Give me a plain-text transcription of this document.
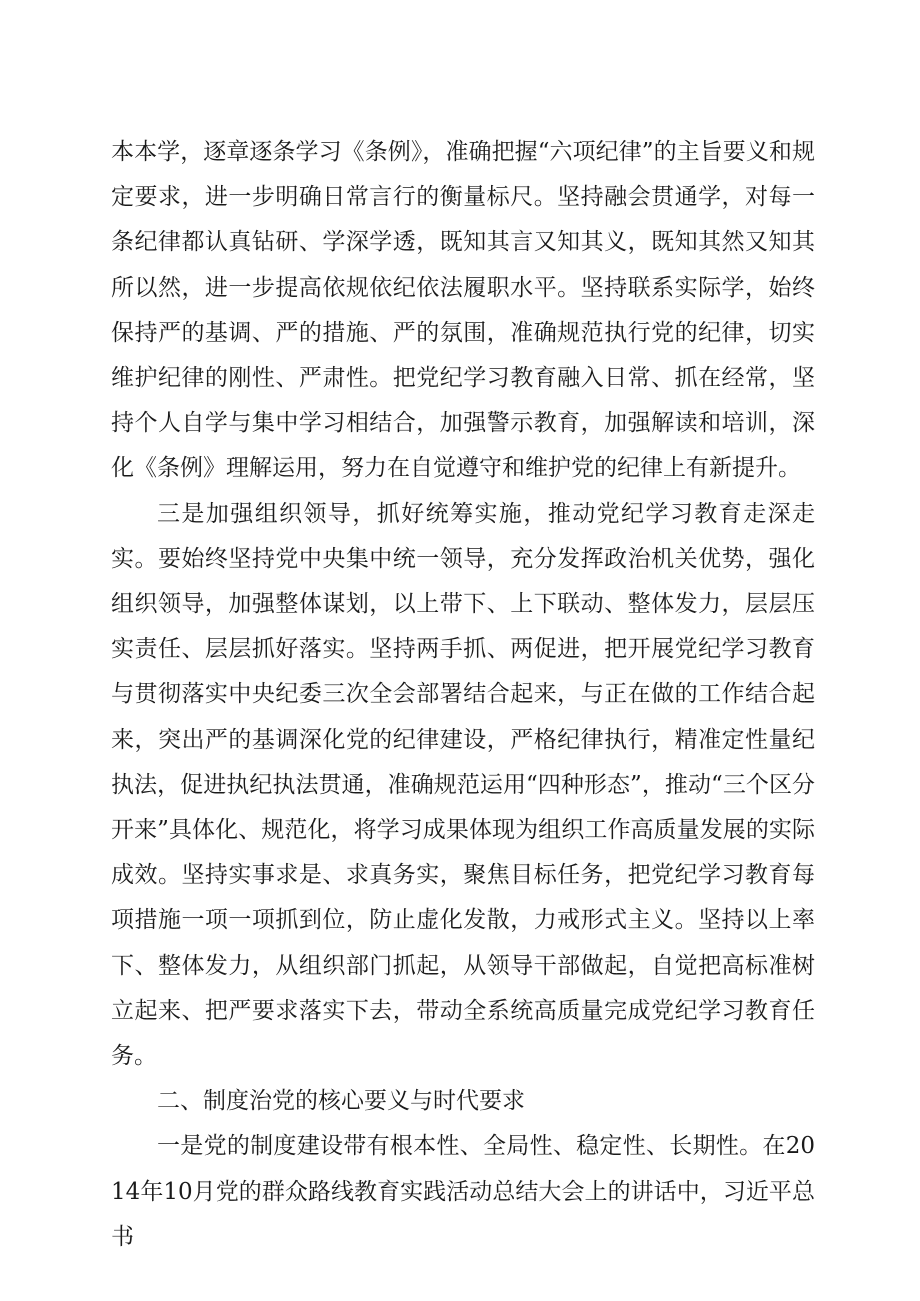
本本学，逐章逐条学习《条例》，准确把握“六项纪律”的主旨要义和规定要求，进一步明确日常言行的衡量标尺。坚持融会贯通学，对每一条纪律都认真钻研、学深学透，既知其言又知其义，既知其然又知其所以然，进一步提高依规依纪依法履职水平。坚持联系实际学，始终保持严的基调、严的措施、严的氛围，准确规范执行党的纪律，切实维护纪律的刚性、严肃性。把党纪学习教育融入日常、抓在经常，坚持个人自学与集中学习相结合，加强警示教育，加强解读和培训，深化《条例》理解运用，努力在自觉遵守和维护党的纪律上有新提升。

三是加强组织领导，抓好统筹实施，推动党纪学习教育走深走实。要始终坚持党中央集中统一领导，充分发挥政治机关优势，强化组织领导，加强整体谋划，以上带下、上下联动、整体发力，层层压实责任、层层抓好落实。坚持两手抓、两促进，把开展党纪学习教育与贯彻落实中央纪委三次全会部署结合起来，与正在做的工作结合起来，突出严的基调深化党的纪律建设，严格纪律执行，精准定性量纪执法，促进执纪执法贯通，准确规范运用“四种形态”，推动“三个区分开来”具体化、规范化，将学习成果体现为组织工作高质量发展的实际成效。坚持实事求是、求真务实，聚焦目标任务，把党纪学习教育每项措施一项一项抓到位，防止虚化发散，力戒形式主义。坚持以上率下、整体发力，从组织部门抓起，从领导干部做起，自觉把高标准树立起来、把严要求落实下去，带动全系统高质量完成党纪学习教育任务。

二、制度治党的核心要义与时代要求

一是党的制度建设带有根本性、全局性、稳定性、长期性。在2014年10月党的群众路线教育实践活动总结大会上的讲话中，习近平总书
